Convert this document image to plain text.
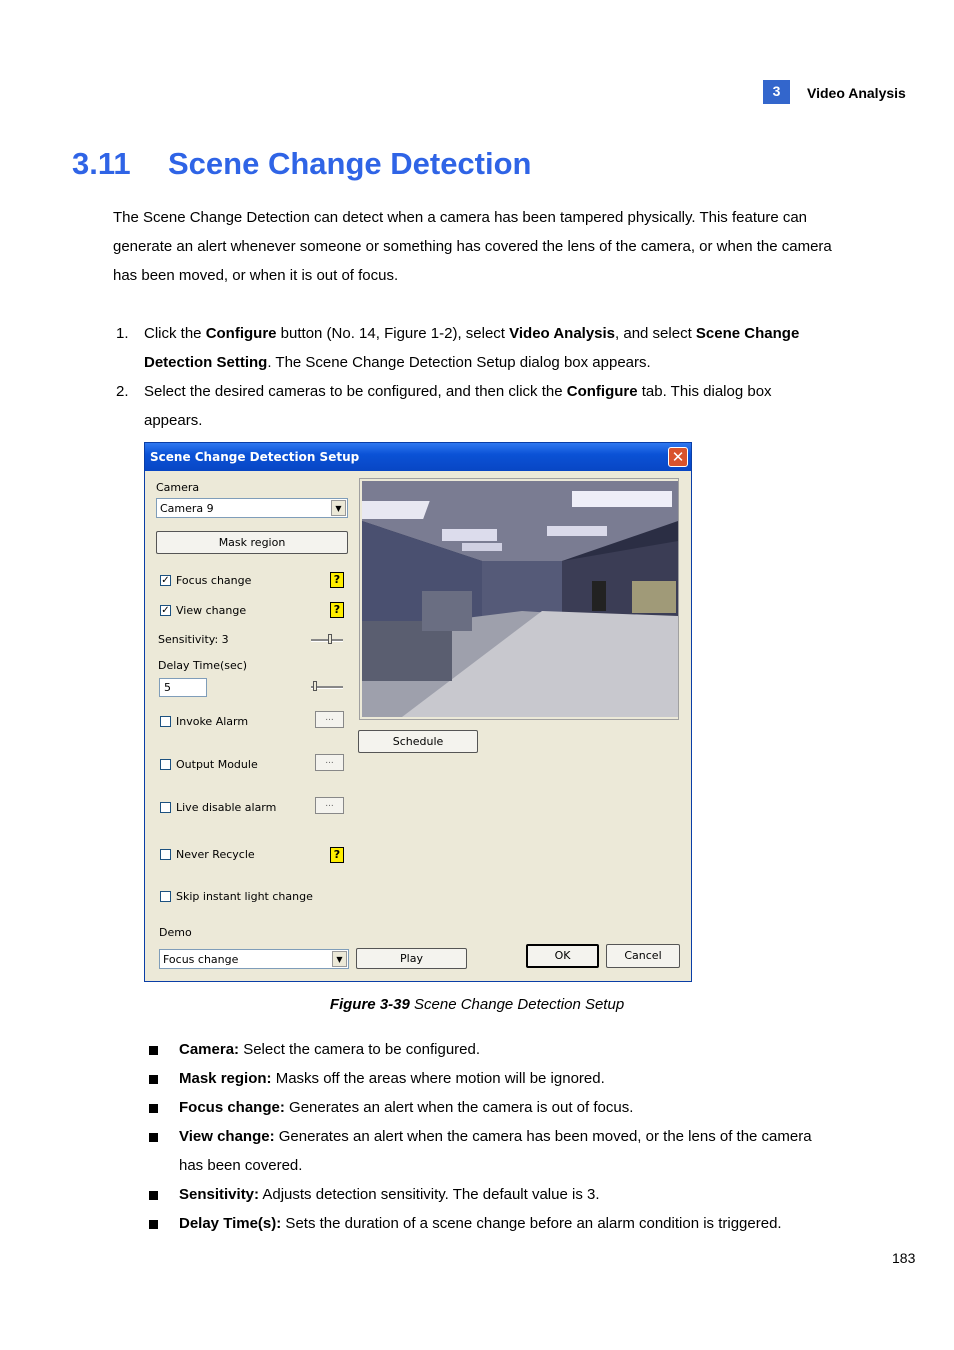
3	Video Analysis
3.11 Scene Change Detection
The Scene Change Detection can detect when a camera has been tampered physically. This feature can generate an alert whenever someone or something has covered the lens of the camera, or when the camera has been moved, or when it is out of focus.
1. Click the Configure button (No. 14, Figure 1-2), select Video Analysis, and select Scene Change Detection Setting. The Scene Change Detection Setup dialog box appears.
2. Select the desired cameras to be configured, and then click the Configure tab. This dialog box appears.
Scene Change Detection Setup	✕
Camera
Camera 9	▼
Mask region
✓ Focus change	?
✓ View change	?
Sensitivity: 3
Delay Time(sec)
5
Invoke Alarm	...
Output Module	...
Live disable alarm	...
Never Recycle	?
Skip instant light change
Demo
Focus change	▼	Play
Schedule
OK	Cancel
Figure 3-39 Scene Change Detection Setup
Camera: Select the camera to be configured.
Mask region: Masks off the areas where motion will be ignored.
Focus change: Generates an alert when the camera is out of focus.
View change: Generates an alert when the camera has been moved, or the lens of the camera has been covered.
Sensitivity: Adjusts detection sensitivity. The default value is 3.
Delay Time(s): Sets the duration of a scene change before an alarm condition is triggered.
183
